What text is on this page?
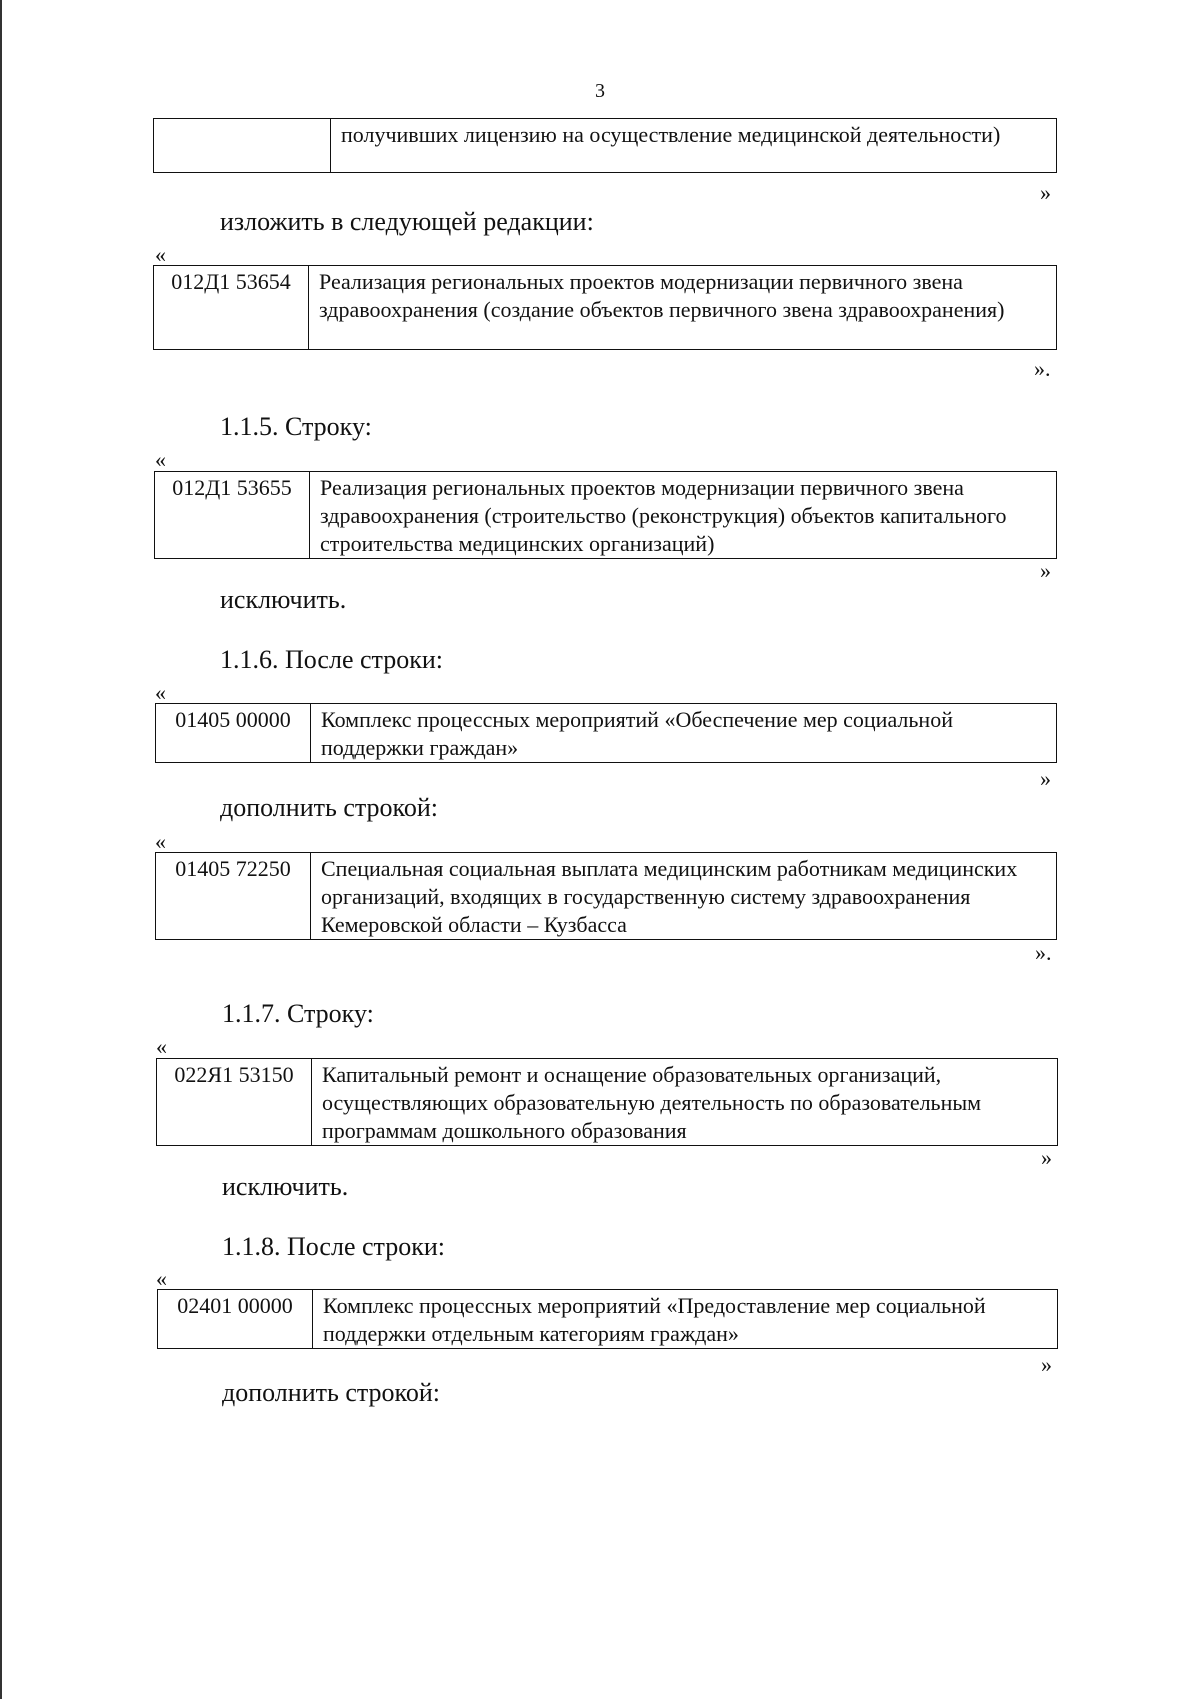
3
	получивших лицензию на осуществление медицинской деятельности)
»
изложить в следующей редакции:
«
012Д1 53654	Реализация региональных проектов модернизации первичного звена здравоохранения (создание объектов первичного звена здравоохранения)
».
1.1.5. Строку:
«
012Д1 53655	Реализация региональных проектов модернизации первичного звена здравоохранения (строительство (реконструкция) объектов капитального строительства медицинских организаций)
»
исключить.
1.1.6. После строки:
«
01405 00000	Комплекс процессных мероприятий «Обеспечение мер социальной поддержки граждан»
»
дополнить строкой:
«
01405 72250	Специальная социальная выплата медицинским работникам медицинских организаций, входящих в государственную систему здравоохранения Кемеровской области – Кузбасса
».
1.1.7. Строку:
«
022Я1 53150	Капитальный ремонт и оснащение образовательных организаций, осуществляющих образовательную деятельность по образовательным программам дошкольного образования
»
исключить.
1.1.8. После строки:
«
02401 00000	Комплекс процессных мероприятий «Предоставление мер социальной поддержки отдельным категориям граждан»
»
дополнить строкой:
